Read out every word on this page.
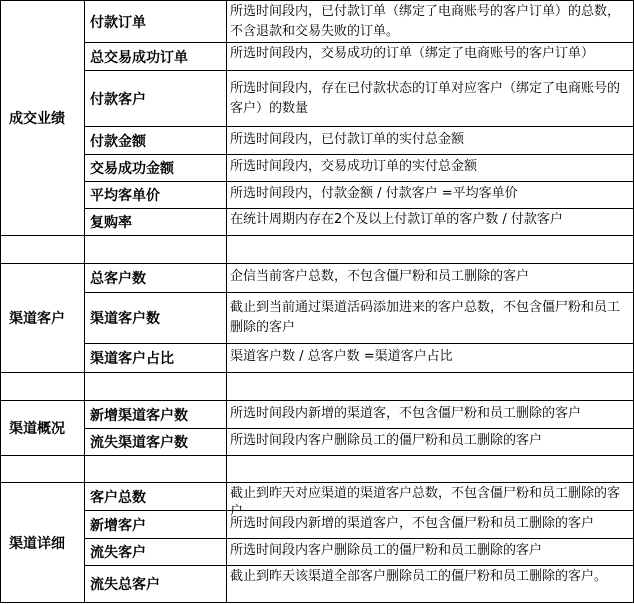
成交业绩	付款订单	所选时间段内，已付款订单（绑定了电商账号的客户订单）的总数，不含退款和交易失败的订单。

	总交易成功订单	所选时间段内，交易成功的订单（绑定了电商账号的客户订单）

	付款客户	所选时间段内，存在已付款状态的订单对应客户（绑定了电商账号的客户）的数量

	付款金额	所选时间段内，已付款订单的实付总金额

	交易成功金额	所选时间段内，交易成功订单的实付总金额

	平均客单价	所选时间段内，付款金额 / 付款客户 =平均客单价

	复购率	在统计周期内存在2个及以上付款订单的客户数 / 付款客户

渠道客户	总客户数	企信当前客户总数，不包含僵尸粉和员工删除的客户

	渠道客户数	截止到当前通过渠道活码添加进来的客户总数，不包含僵尸粉和员工删除的客户

	渠道客户占比	渠道客户数 / 总客户数 =渠道客户占比

渠道概况	新增渠道客户数	所选时间段内新增的渠道客，不包含僵尸粉和员工删除的客户

	流失渠道客户数	所选时间段内客户删除员工的僵尸粉和员工删除的客户

渠道详细	客户总数	截止到昨天对应渠道的渠道客户总数，不包含僵尸粉和员工删除的客户

	新增客户	所选时间段内新增的渠道客户，不包含僵尸粉和员工删除的客户

	流失客户	所选时间段内客户删除员工的僵尸粉和员工删除的客户

	流失总客户	截止到昨天该渠道全部客户删除员工的僵尸粉和员工删除的客户。
